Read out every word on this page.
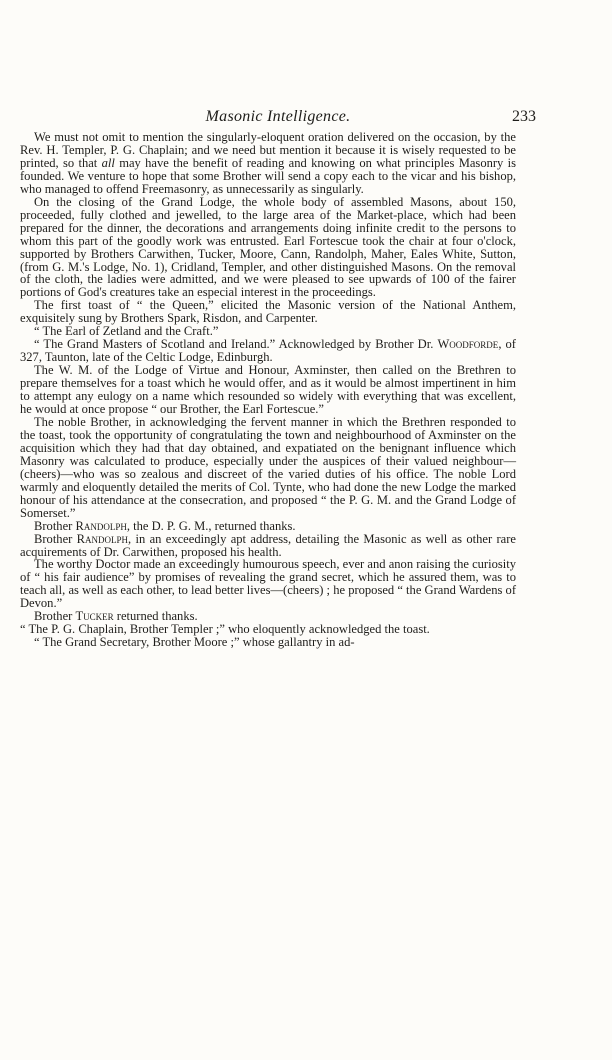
Masonic Intelligence.	233

We must not omit to mention the singularly-eloquent oration delivered on the occasion, by the Rev. H. Templer, P. G. Chaplain; and we need but mention it because it is wisely requested to be printed, so that all may have the benefit of reading and knowing on what principles Masonry is founded. We venture to hope that some Brother will send a copy each to the vicar and his bishop, who managed to offend Freemasonry, as unnecessarily as singularly.

On the closing of the Grand Lodge, the whole body of assembled Masons, about 150, proceeded, fully clothed and jewelled, to the large area of the Market-place, which had been prepared for the dinner, the decorations and arrangements doing infinite credit to the persons to whom this part of the goodly work was entrusted. Earl Fortescue took the chair at four o'clock, supported by Brothers Carwithen, Tucker, Moore, Cann, Randolph, Maher, Eales White, Sutton, (from G. M.'s Lodge, No. 1), Cridland, Templer, and other distinguished Masons. On the removal of the cloth, the ladies were admitted, and we were pleased to see upwards of 100 of the fairer portions of God's creatures take an especial interest in the proceedings.

The first toast of “ the Queen,” elicited the Masonic version of the National Anthem, exquisitely sung by Brothers Spark, Risdon, and Carpenter.

“ The Earl of Zetland and the Craft.”

“ The Grand Masters of Scotland and Ireland.” Acknowledged by Brother Dr. Woodforde, of 327, Taunton, late of the Celtic Lodge, Edinburgh.

The W. M. of the Lodge of Virtue and Honour, Axminster, then called on the Brethren to prepare themselves for a toast which he would offer, and as it would be almost impertinent in him to attempt any eulogy on a name which resounded so widely with everything that was excellent, he would at once propose “ our Brother, the Earl Fortescue.”

The noble Brother, in acknowledging the fervent manner in which the Brethren responded to the toast, took the opportunity of congratulating the town and neighbourhood of Axminster on the acquisition which they had that day obtained, and expatiated on the benignant influence which Masonry was calculated to produce, especially under the auspices of their valued neighbour—(cheers)—who was so zealous and discreet of the varied duties of his office. The noble Lord warmly and eloquently detailed the merits of Col. Tynte, who had done the new Lodge the marked honour of his attendance at the consecration, and proposed “ the P. G. M. and the Grand Lodge of Somerset.”

Brother Randolph, the D. P. G. M., returned thanks.

Brother Randolph, in an exceedingly apt address, detailing the Masonic as well as other rare acquirements of Dr. Carwithen, proposed his health.

The worthy Doctor made an exceedingly humourous speech, ever and anon raising the curiosity of “ his fair audience” by promises of revealing the grand secret, which he assured them, was to teach all, as well as each other, to lead better lives—(cheers) ; he proposed “ the Grand Wardens of Devon.”

Brother Tucker returned thanks.

“ The P. G. Chaplain, Brother Templer ;” who eloquently acknowledged the toast.

“ The Grand Secretary, Brother Moore ;” whose gallantry in ad-
